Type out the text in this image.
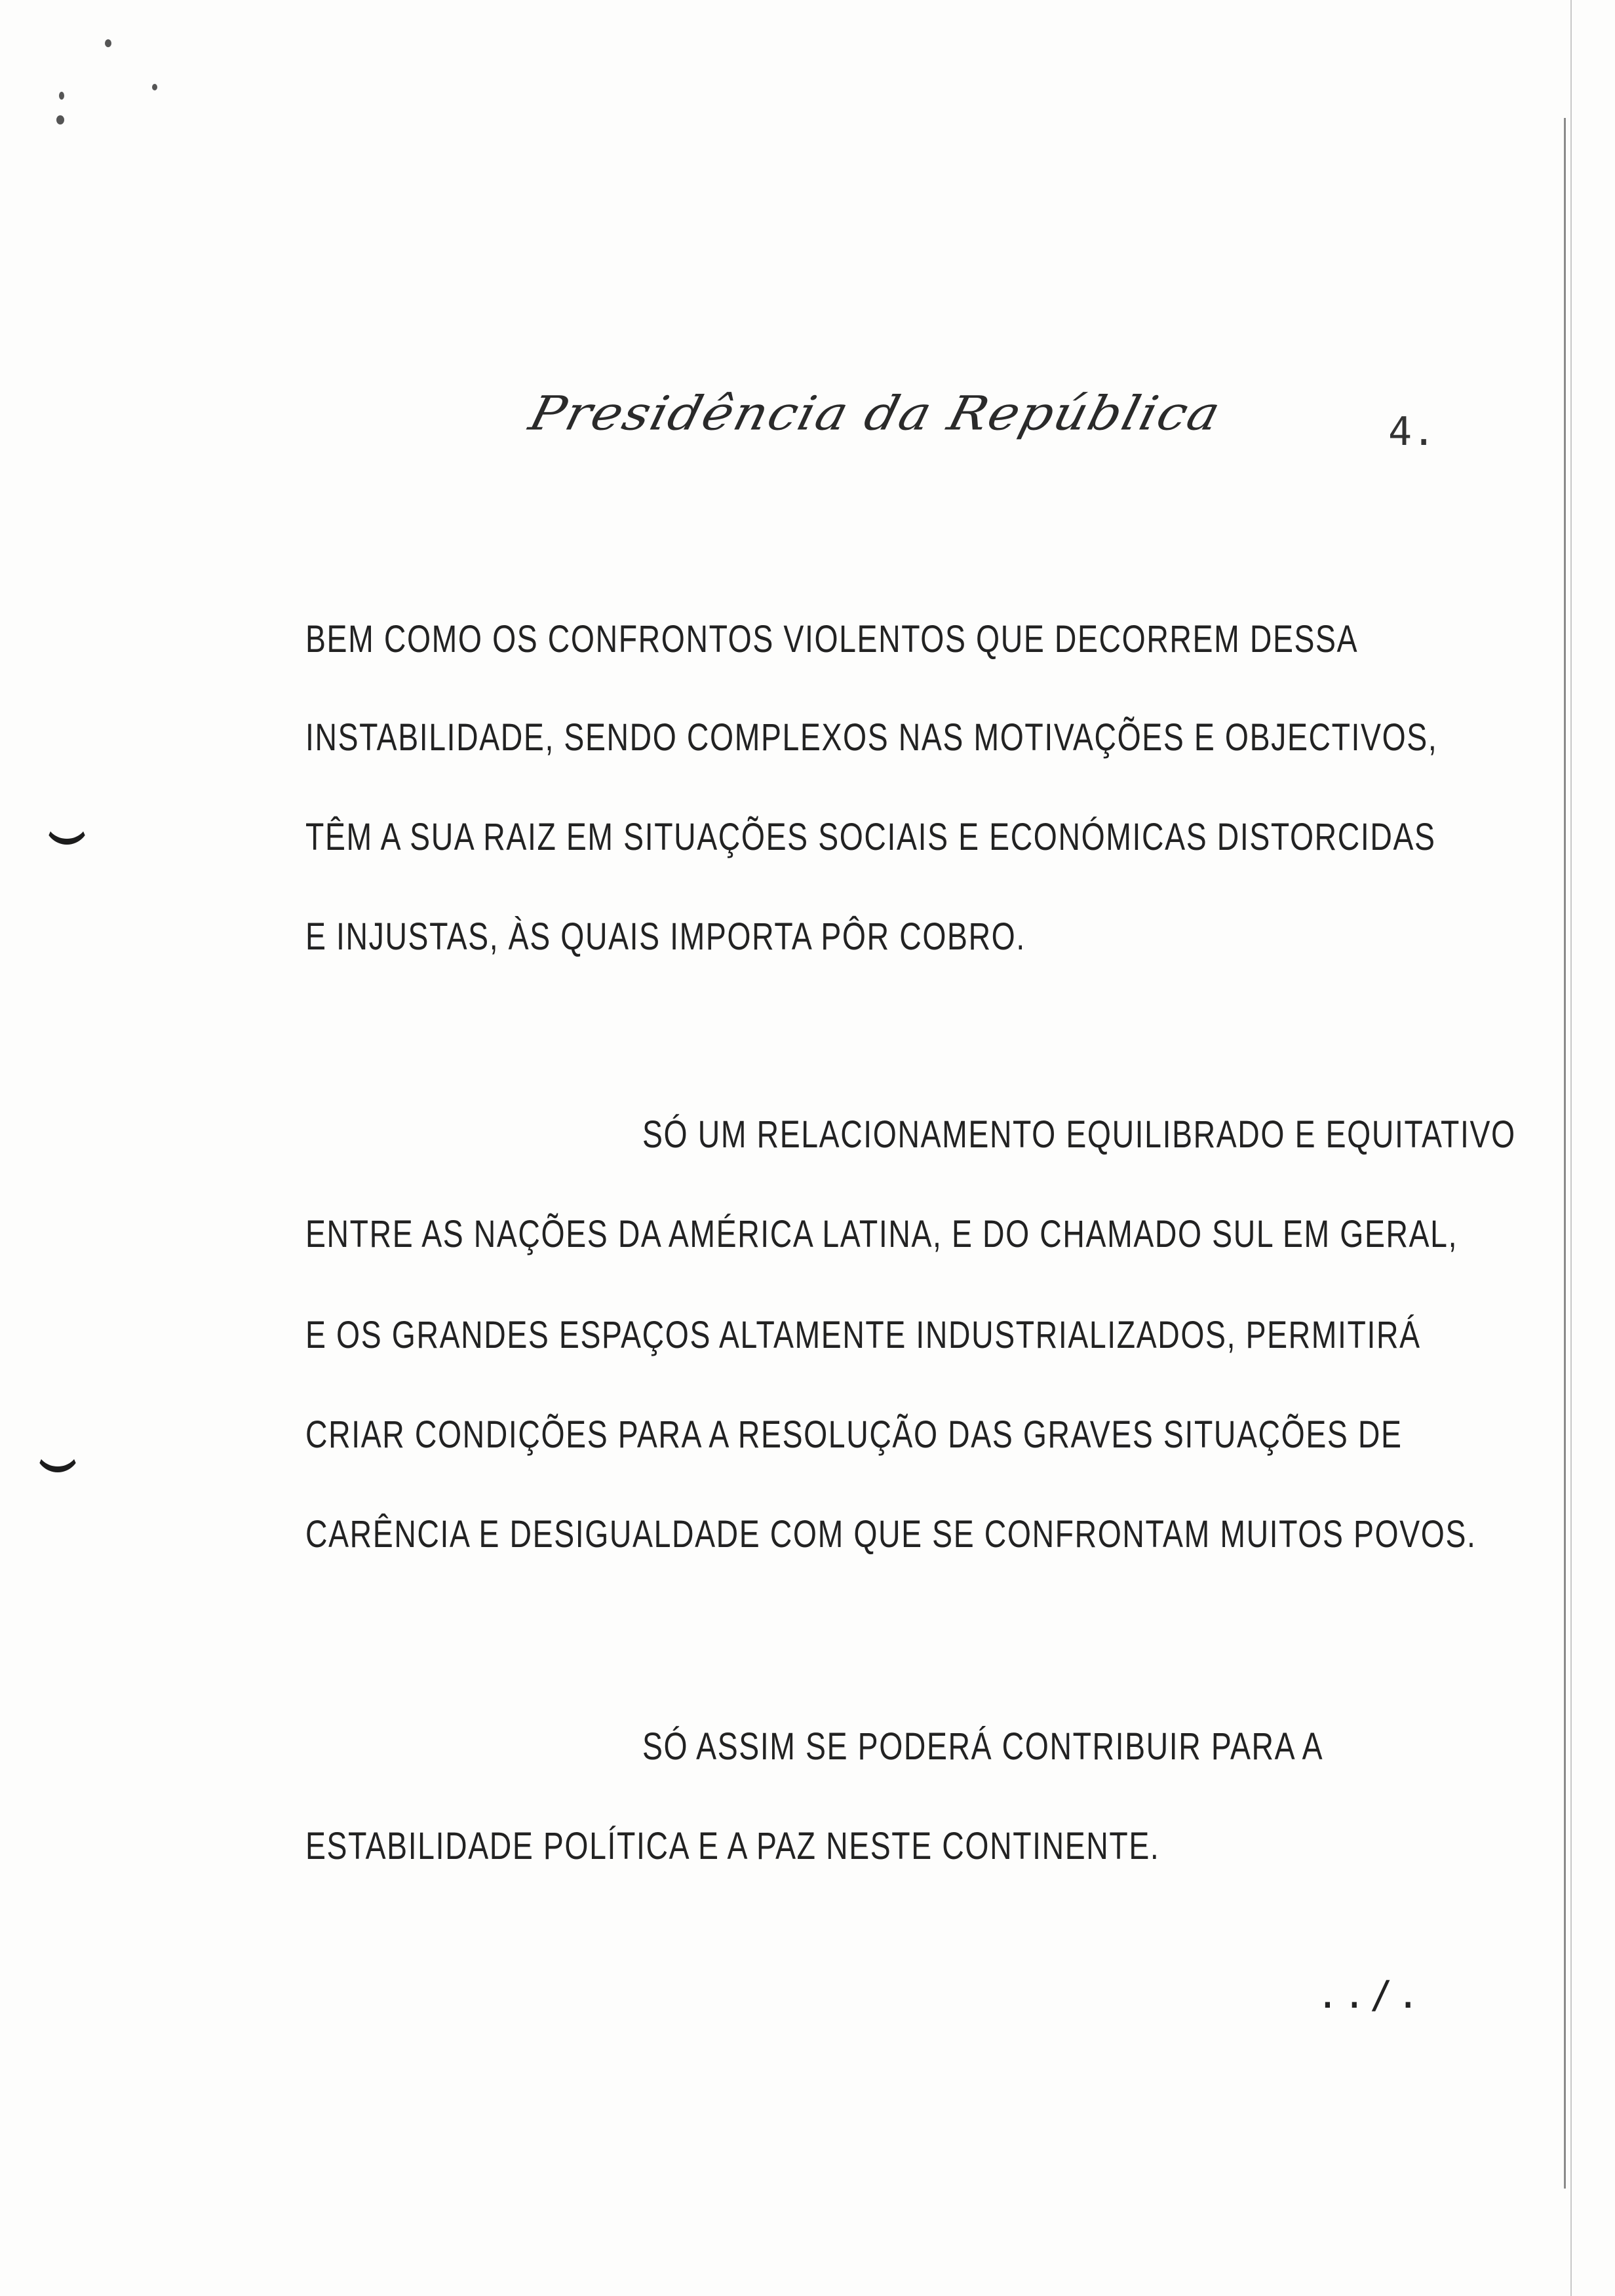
Presidência da República	4.
BEM COMO OS CONFRONTOS VIOLENTOS QUE DECORREM DESSA
INSTABILIDADE, SENDO COMPLEXOS NAS MOTIVAÇÕES E OBJECTIVOS,
TÊM A SUA RAIZ EM SITUAÇÕES SOCIAIS E ECONÓMICAS DISTORCIDAS
E INJUSTAS, ÀS QUAIS IMPORTA PÔR COBRO.
SÓ UM RELACIONAMENTO EQUILIBRADO E EQUITATIVO
ENTRE AS NAÇÕES DA AMÉRICA LATINA, E DO CHAMADO SUL EM GERAL,
E OS GRANDES ESPAÇOS ALTAMENTE INDUSTRIALIZADOS, PERMITIRÁ
CRIAR CONDIÇÕES PARA A RESOLUÇÃO DAS GRAVES SITUAÇÕES DE
CARÊNCIA E DESIGUALDADE COM QUE SE CONFRONTAM MUITOS POVOS.
SÓ ASSIM SE PODERÁ CONTRIBUIR PARA A
ESTABILIDADE POLÍTICA E A PAZ NESTE CONTINENTE.
../.
